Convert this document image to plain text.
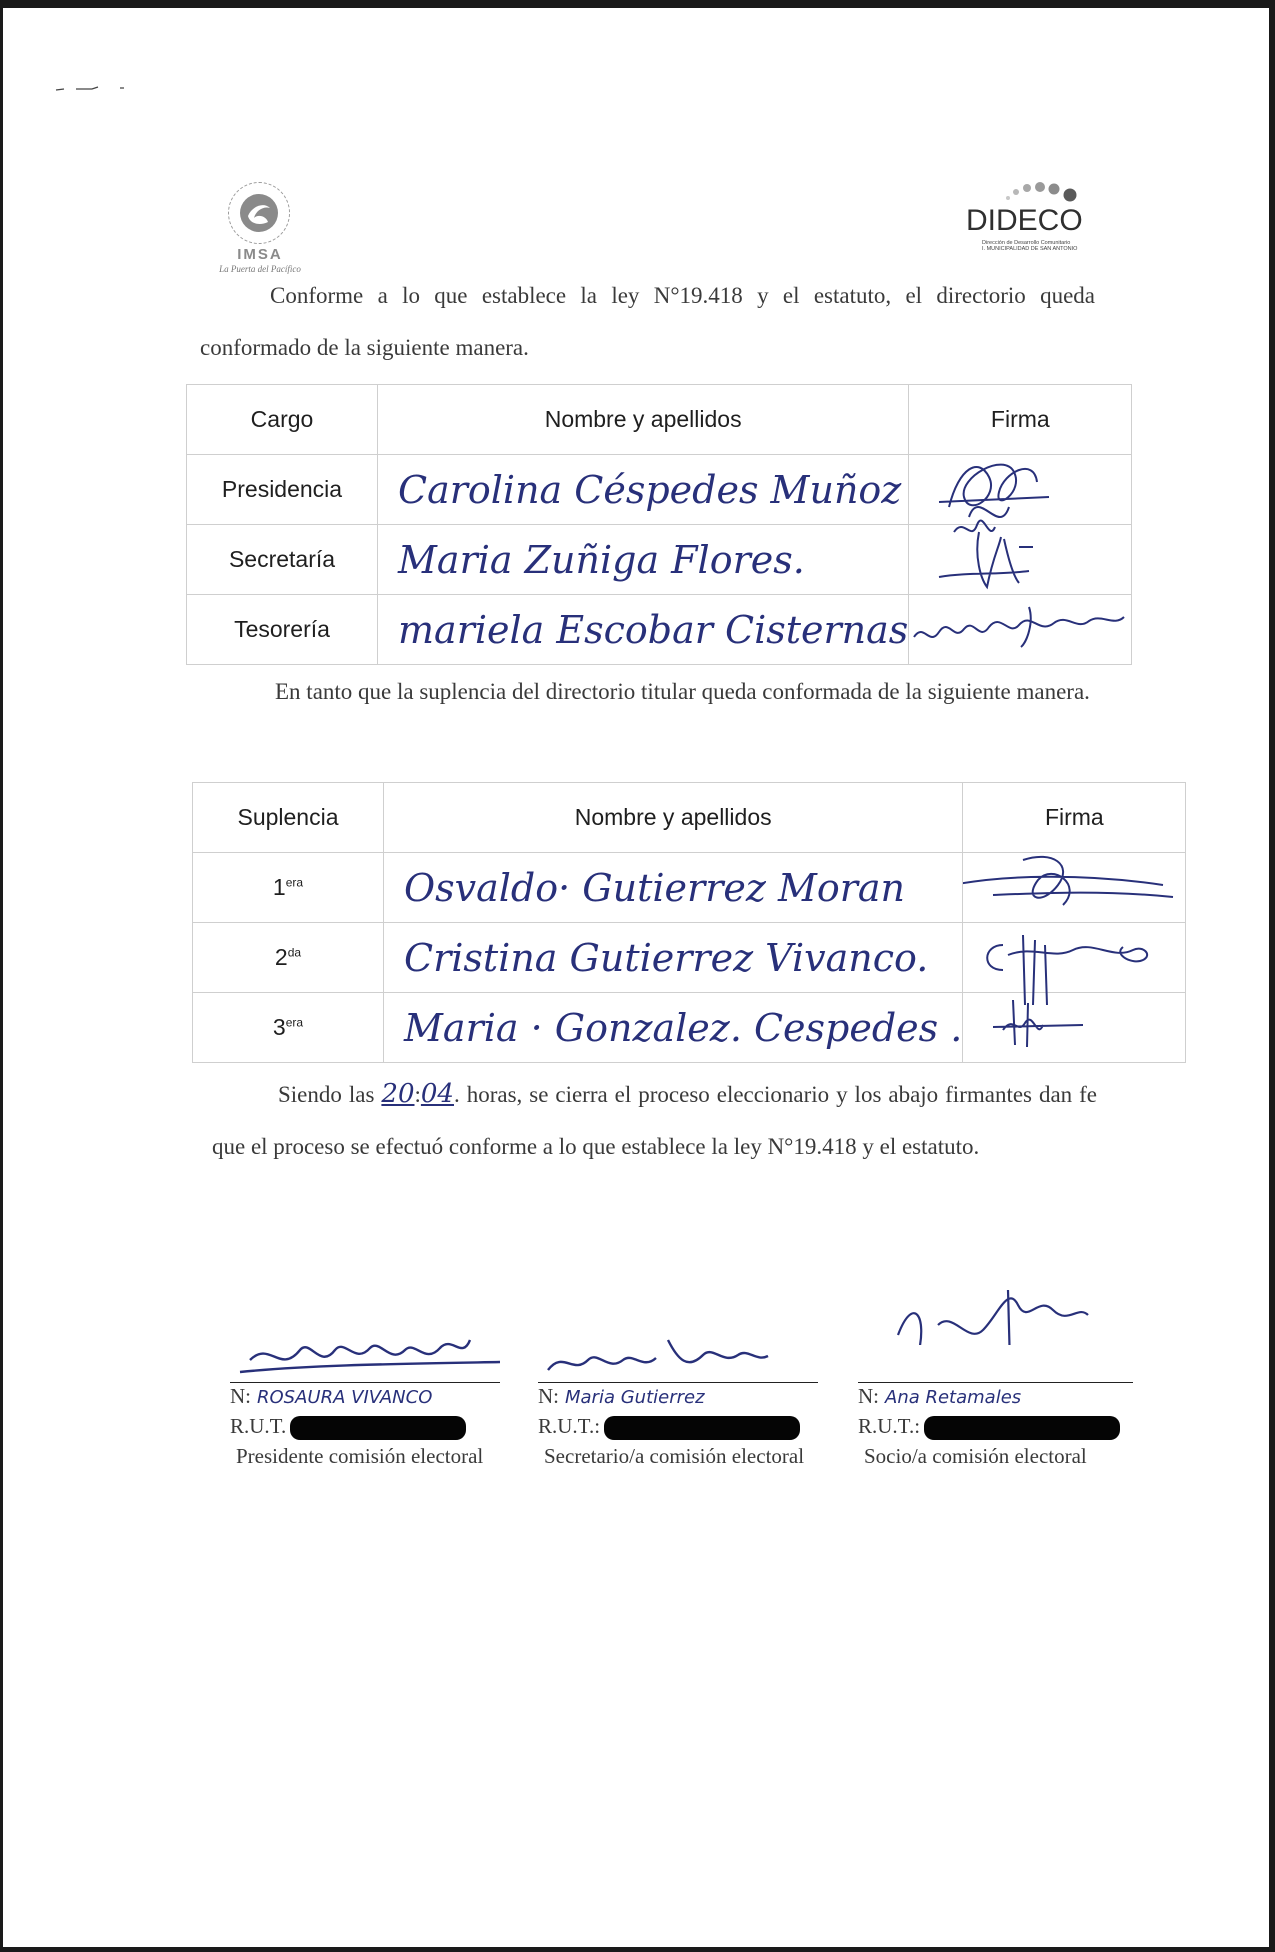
IMSA
La Puerta del Pacífico
DIDECO
Dirección de Desarrollo Comunitario
I. MUNICIPALIDAD DE SAN ANTONIO
Conforme a lo que establece la ley N°19.418 y el estatuto, el directorio queda conformado de la siguiente manera.
Cargo	Nombre y apellidos	Firma
Presidencia	Carolina Céspedes Muñoz	

Secretaría	Maria Zuñiga Flores.	

Tesorería	mariela Escobar Cisternas	
En tanto que la suplencia del directorio titular queda conformada de la siguiente manera.
Suplencia	Nombre y apellidos	Firma
$1^{era}$	Osvaldo· Gutierrez Moran	

$2^{da}$	Cristina Gutierrez Vivanco.	

$3^{era}$	Maria · Gonzalez. Cespedes .	
Siendo las 20:04. horas, se cierra el proceso eleccionario y los abajo firmantes dan fe que el proceso se efectuó conforme a lo que establece la ley N°19.418 y el estatuto.
N: ROSAURA VIVANCO
R.U.T.
Presidente comisión electoral
N: Maria Gutierrez
R.U.T.:
Secretario/a comisión electoral
N: Ana Retamales
R.U.T.:
Socio/a comisión electoral
